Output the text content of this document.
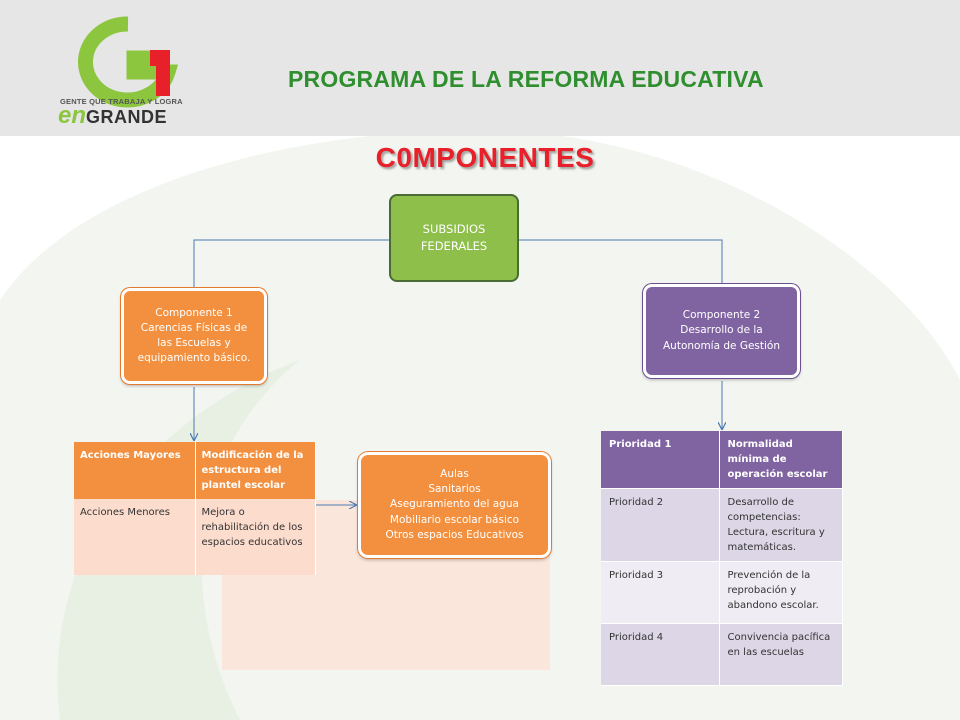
GENTE QUE TRABAJA Y LOGRA
enGRANDE
PROGRAMA DE LA REFORMA EDUCATIVA
C0MPONENTES
SUBSIDIOS
FEDERALES
Componente 1
Carencias Físicas de las Escuelas y equipamiento básico.
Componente 2
Desarrollo de la Autonomía de Gestión
Aulas
Sanitarios
Aseguramiento del agua
Mobiliario escolar básico
Otros espacios Educativos
Acciones Mayores	Modificación de la estructura del plantel escolar
Acciones Menores	Mejora o rehabilitación de los espacios educativos
Prioridad 1	Normalidad mínima de operación escolar
Prioridad 2	Desarrollo de competencias: Lectura, escritura y matemáticas.
Prioridad 3	Prevención de la reprobación y abandono escolar.
Prioridad 4	Convivencia pacífica en las escuelas
